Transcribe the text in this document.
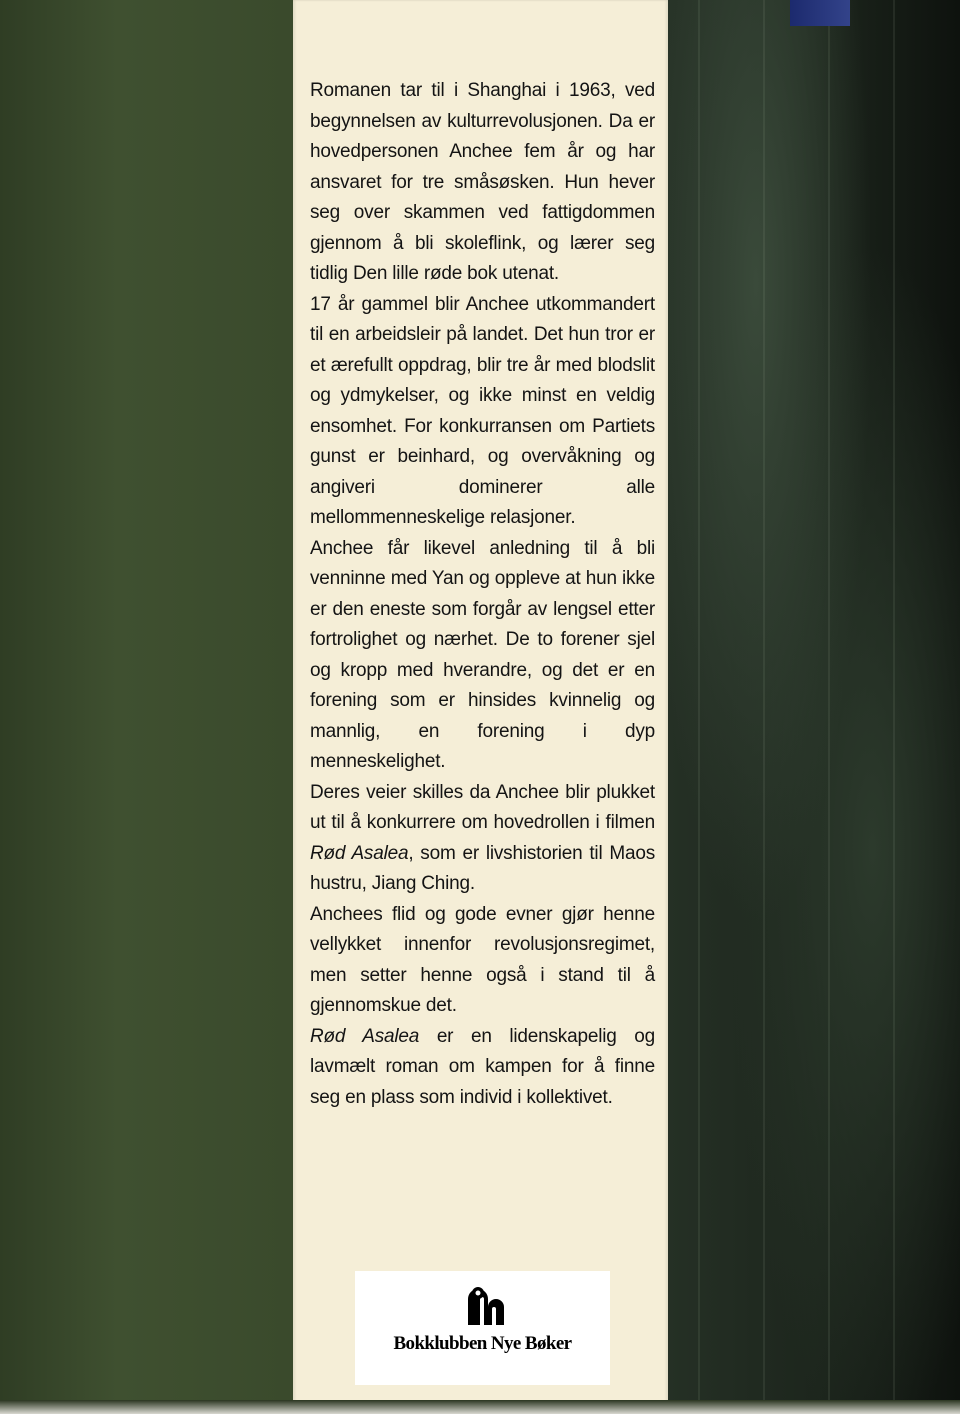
Romanen tar til i Shanghai i 1963, ved begynnelsen av kulturrevolusjonen. Da er hovedpersonen Anchee fem år og har ansvaret for tre småsøsken. Hun hever seg over skammen ved fattigdommen gjennom å bli skoleflink, og lærer seg tidlig Den lille røde bok utenat.

17 år gammel blir Anchee utkommandert til en arbeidsleir på landet. Det hun tror er et ærefullt oppdrag, blir tre år med blodslit og ydmykelser, og ikke minst en veldig ensomhet. For konkurransen om Partiets gunst er beinhard, og overvåkning og angiveri dominerer alle mellommenneskelige relasjoner.

Anchee får likevel anledning til å bli venninne med Yan og oppleve at hun ikke er den eneste som forgår av lengsel etter fortrolighet og nærhet. De to forener sjel og kropp med hverandre, og det er en forening som er hinsides kvinnelig og mannlig, en forening i dyp menneskelighet.

Deres veier skilles da Anchee blir plukket ut til å konkurrere om hovedrollen i filmen Rød Asalea, som er livshistorien til Maos hustru, Jiang Ching.

Anchees flid og gode evner gjør henne vellykket innenfor revolusjonsregimet, men setter henne også i stand til å gjennomskue det.

Rød Asalea er en lidenskapelig og lavmælt roman om kampen for å finne seg en plass som individ i kollektivet.

Bokklubben Nye Bøker
